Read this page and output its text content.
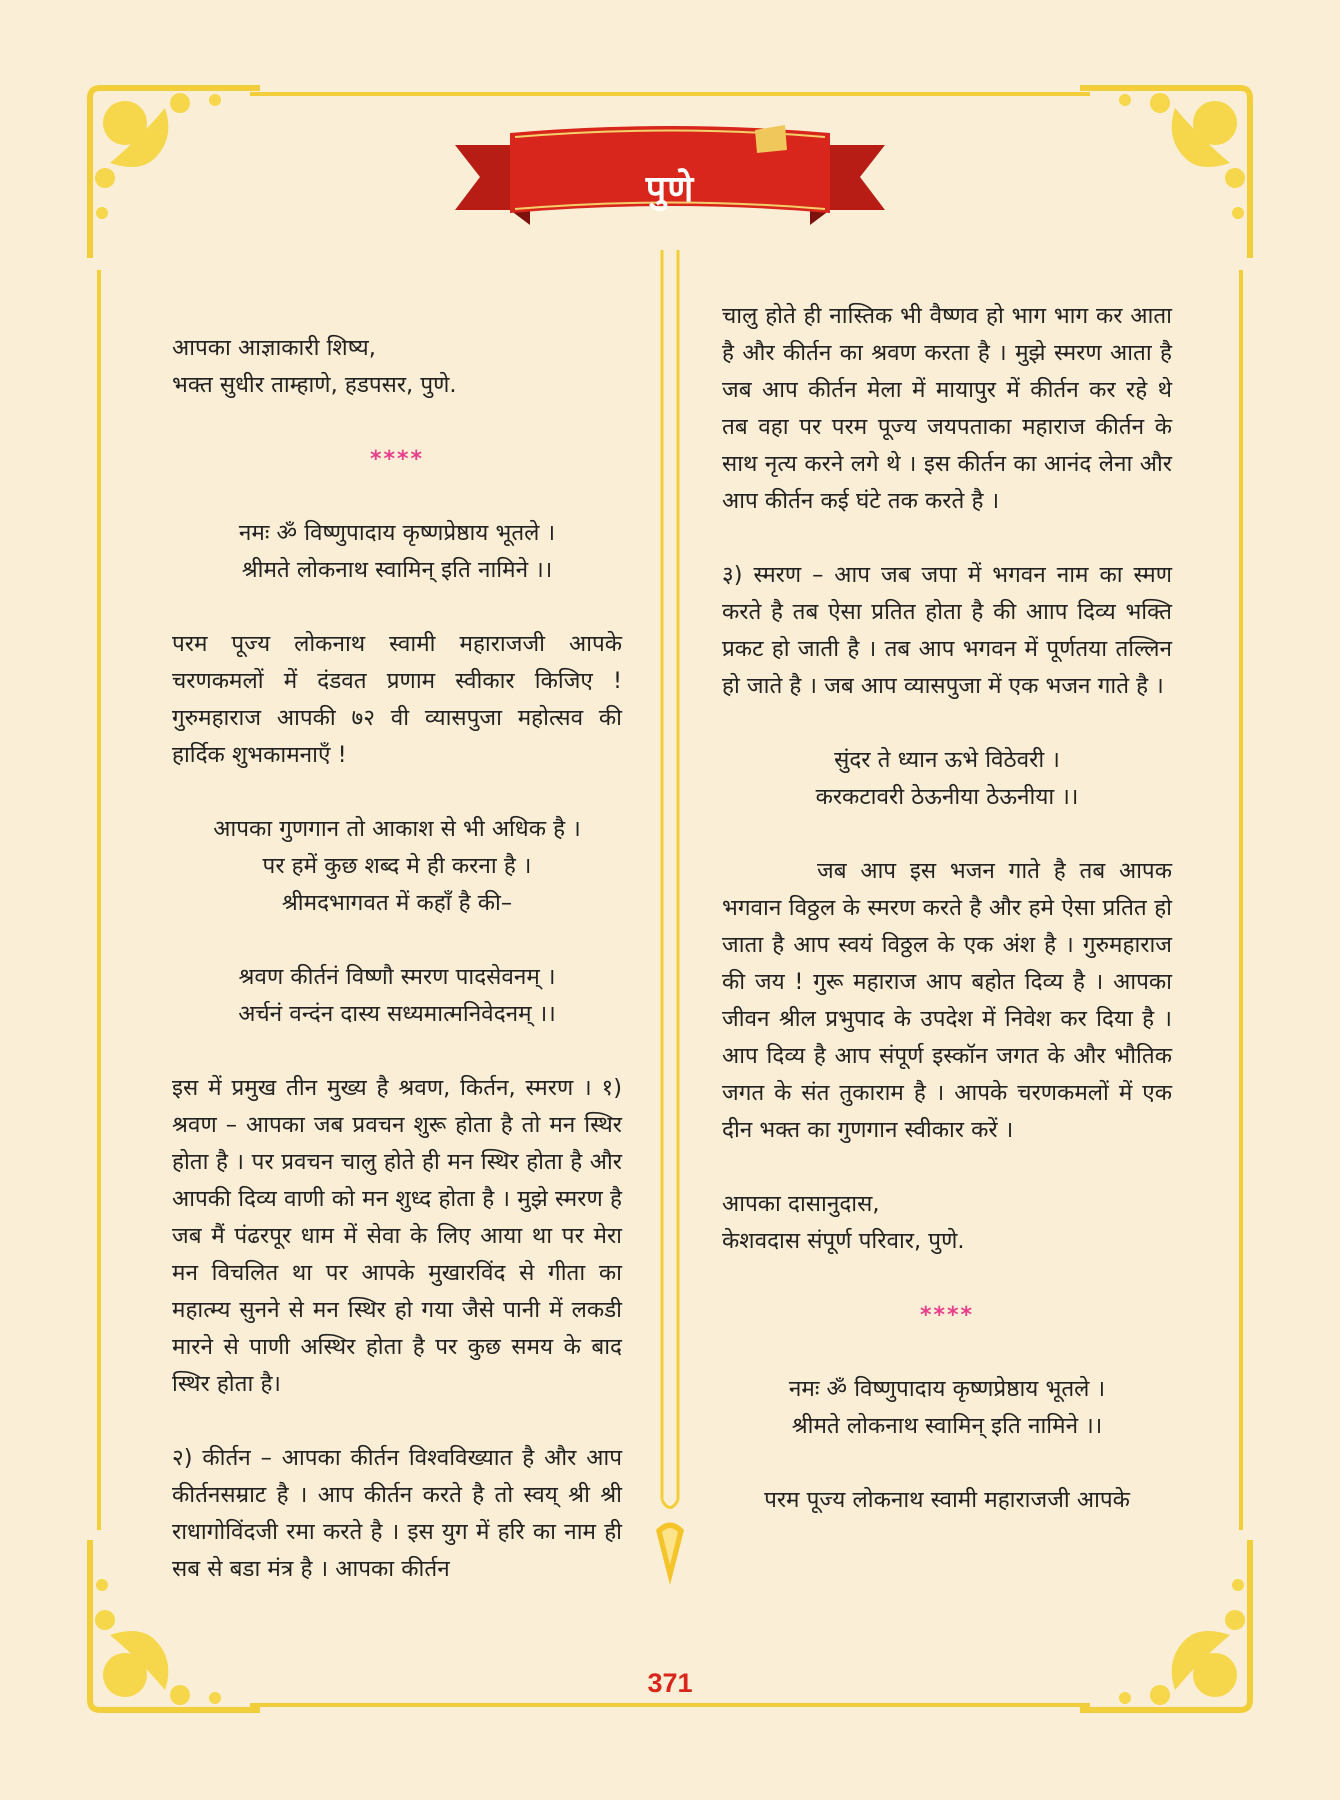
पुणे

आपका आज्ञाकारी शिष्य,

भक्त सुधीर ताम्हाणे, हडपसर, पुणे.

****

नमः ॐ विष्णुपादाय कृष्णप्रेष्ठाय भूतले ।

श्रीमते लोकनाथ स्वामिन् इति नामिने ।।

परम पूज्य लोकनाथ स्वामी महाराजजी आपके चरणकमलों में दंडवत प्रणाम स्वीकार किजिए ! गुरुमहाराज आपकी ७२ वी व्यासपुजा महोत्सव की हार्दिक शुभकामनाएँ !

आपका गुणगान तो आकाश से भी अधिक है ।

पर हमें कुछ शब्द मे ही करना है ।

श्रीमदभागवत में कहाँ है की–

श्रवण कीर्तनं विष्णौ स्मरण पादसेवनम् ।

अर्चनं वन्दंन दास्य सध्यमात्मनिवेदनम् ।।

इस में प्रमुख तीन मुख्य है श्रवण, किर्तन, स्मरण । १) श्रवण – आपका जब प्रवचन शुरू होता है तो मन स्थिर होता है । पर प्रवचन चालु होते ही मन स्थिर होता है और आपकी दिव्य वाणी को मन शुध्द होता है । मुझे स्मरण है जब मैं पंढरपूर धाम में सेवा के लिए आया था पर मेरा मन विचलित था पर आपके मुखारविंद से गीता का महात्म्य सुनने से मन स्थिर हो गया जैसे पानी में लकडी मारने से पाणी अस्थिर होता है पर कुछ समय के बाद स्थिर होता है।

२) कीर्तन – आपका कीर्तन विश्वविख्यात है और आप कीर्तनसम्राट है । आप कीर्तन करते है तो स्वय् श्री श्री राधागोविंदजी रमा करते है । इस युग में हरि का नाम ही सब से बडा मंत्र है । आपका कीर्तन

चालु होते ही नास्तिक भी वैष्णव हो भाग भाग कर आता है और कीर्तन का श्रवण करता है । मुझे स्मरण आता है जब आप कीर्तन मेला में मायापुर में कीर्तन कर रहे थे तब वहा पर परम पूज्य जयपताका महाराज कीर्तन के साथ नृत्य करने लगे थे । इस कीर्तन का आनंद लेना और आप कीर्तन कई घंटे तक करते है ।

३) स्मरण – आप जब जपा में भगवन नाम का स्मण करते है तब ऐसा प्रतित होता है की आाप दिव्य भक्ति प्रकट हो जाती है । तब आप भगवन में पूर्णतया तल्लिन हो जाते है । जब आप व्यासपुजा में एक भजन गाते है ।

सुंदर ते ध्यान ऊभे विठेवरी ।

करकटावरी ठेऊनीया ठेऊनीया ।।

जब आप इस भजन गाते है तब आपक भगवान विठ्ठल के स्मरण करते है और हमे ऐसा प्रतित हो जाता है आप स्वयं विठ्ठल के एक अंश है । गुरुमहाराज की जय ! गुरू महाराज आप बहोत दिव्य है । आपका जीवन श्रील प्रभुपाद के उपदेश में निवेश कर दिया है । आप दिव्य है आप संपूर्ण इस्कॉन जगत के और भौतिक जगत के संत तुकाराम है । आपके चरणकमलों में एक दीन भक्त का गुणगान स्वीकार करें ।

आपका दासानुदास,

केशवदास संपूर्ण परिवार, पुणे.

****

नमः ॐ विष्णुपादाय कृष्णप्रेष्ठाय भूतले ।

श्रीमते लोकनाथ स्वामिन् इति नामिने ।।

परम पूज्य लोकनाथ स्वामी महाराजजी आपके

371
